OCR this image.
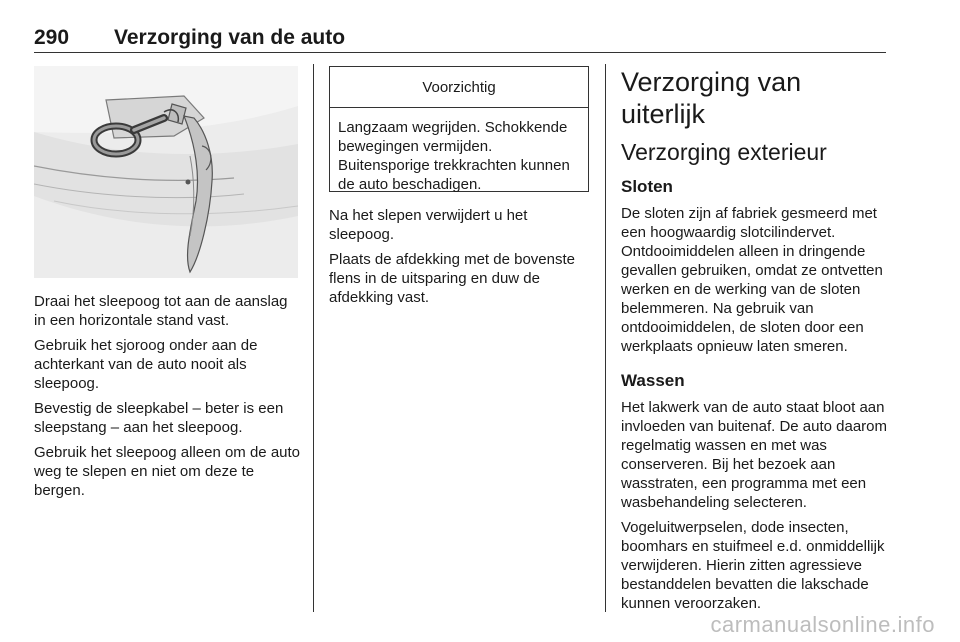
290 Verzorging van de auto

Draai het sleepoog tot aan de aanslag in een horizontale stand vast.

Gebruik het sjoroog onder aan de achterkant van de auto nooit als sleepoog.

Bevestig de sleepkabel – beter is een sleepstang – aan het sleepoog.

Gebruik het sleepoog alleen om de auto weg te slepen en niet om deze te bergen.

Voorzichtig
Langzaam wegrijden. Schokkende bewegingen vermijden. Buitensporige trekkrachten kunnen de auto beschadigen.

Na het slepen verwijdert u het sleepoog.

Plaats de afdekking met de bovenste flens in de uitsparing en duw de afdekking vast.

Verzorging van uiterlijk
Verzorging exterieur
Sloten

De sloten zijn af fabriek gesmeerd met een hoogwaardig slotcilindervet. Ontdooimiddelen alleen in dringende gevallen gebruiken, omdat ze ontvetten werken en de werking van de sloten belemmeren. Na gebruik van ontdooimiddelen, de sloten door een werkplaats opnieuw laten smeren.

Wassen

Het lakwerk van de auto staat bloot aan invloeden van buitenaf. De auto daarom regelmatig wassen en met was conserveren. Bij het bezoek aan wasstraten, een programma met een wasbehandeling selecteren.

Vogeluitwerpselen, dode insecten, boomhars en stuifmeel e.d. onmiddellijk verwijderen. Hierin zitten agressieve bestanddelen bevatten die lakschade kunnen veroorzaken.

carmanualsonline.info
